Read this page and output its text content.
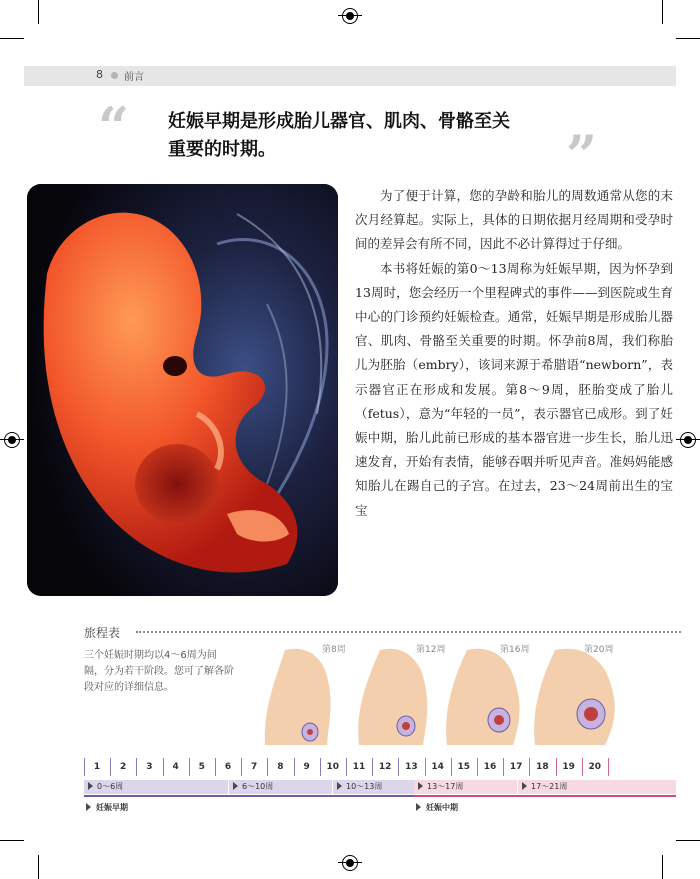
8 前言
“ 妊娠早期是形成胎儿器官、肌肉、骨骼至关
重要的时期。	”

为了便于计算，您的孕龄和胎儿的周数通常从您的末次月经算起。实际上，具体的日期依据月经周期和受孕时间的差异会有所不同，因此不必计算得过于仔细。

本书将妊娠的第0～13周称为妊娠早期，因为怀孕到13周时，您会经历一个里程碑式的事件——到医院或生育中心的门诊预约妊娠检查。通常，妊娠早期是形成胎儿器官、肌肉、骨骼至关重要的时期。怀孕前8周，我们称胎儿为胚胎（embry），该词来源于希腊语“newborn”，表示器官正在形成和发展。第8～9周，胚胎变成了胎儿（fetus），意为“年轻的一员”，表示器官已成形。到了妊娠中期，胎儿此前已形成的基本器官进一步生长，胎儿迅速发育，开始有表情，能够吞咽并听见声音。准妈妈能感知胎儿在踢自己的子宫。在过去，23～24周前出生的宝宝

旅程表
三个妊娠时期均以4～6周为间隔，分为若干阶段。您可了解各阶段对应的详细信息。
第8周	第12周	第16周	第20周
1	2	3	4	5	6	7	8	9	10	11	12	13	14	15	16	17	18	19	20
0～6周	6～10周	10～13周	13～17周	17～21周
妊娠早期	妊娠中期
